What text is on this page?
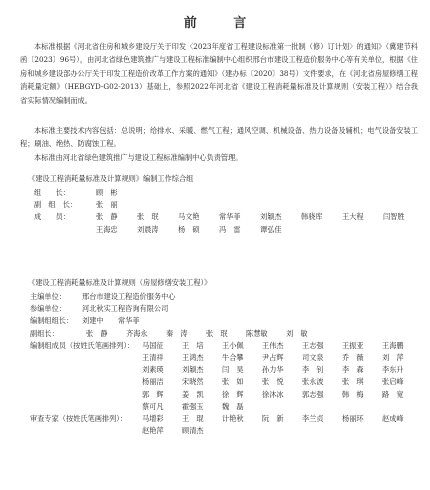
前 言

本标准根据《河北省住房和城乡建设厅关于印发〈2023年度省工程建设标准第一批制（修）订计划〉的通知》（冀建节科函〔2023〕96号），由河北省绿色建筑推广与建设工程标准编制中心组织邢台市建设工程造价服务中心等有关单位，根据《住房和城乡建设部办公厅关于印发工程造价改革工作方案的通知》（建办标〔2020〕38号）文件要求，在《河北省房屋修缮工程消耗量定额》（HEBGYD-G02-2013）基础上，参照2022年河北省《建设工程消耗量标准及计算规则（安装工程）》结合我省实际情况编制而成。

本标准主要技术内容包括：总说明；给排水、采暖、燃气工程；通风空调、机械设备、热力设备及辅机；电气设备安装工程；刷油、绝热、防腐蚀工程。

本标准由河北省绿色建筑推广与建设工程标准编制中心负责管理。

《建设工程消耗量标准及计算规则》编制工作综合组
组　　长：	顾　彬
副　组　长：	张　丽
成　　员：	张　静	张　珉	马文艳	常华菲	刘颖杰	韩骁库	王大程	闫智胜
王海忠	刘晨涛	杨　硕	冯　雷	谭弘佳
《建设工程消耗量标准及计算规则（房屋修缮安装工程）》
主编单位：	邢台市建设工程造价服务中心
参编单位：	河北秋实工程咨询有限公司
编制组组长：	刘建中	常华菲
副组长：	张　静	齐海永	秦　涛	张　珉	陈慧敏	刘　敏
编制组成员（按姓氏笔画排列）：	马国征	王　培	王小佩	王伟杰	王志强	王振亚	王海鹏
王清祥	王鸿杰	牛合攀	尹占辉	司文泉	乔　薇	刘　萍
刘素瑛	刘颖杰	闫　昊	孙力华	李　钊	李　森	李东升
杨丽洁	宋晓然	张　如	张　悦	张永波	张　琪	张启峰
郭　辉	姜　凯	徐　辉	徐沐冰	郭志强	韩　梅	路　宽
蔡可凡	霍强玉	魏　磊
审查专家（按姓氏笔画排列）：	马增彩	王　琨	计艳秋	阮　新	李兰贞	杨丽环	赵成峰
赵艳萍	顾清杰
